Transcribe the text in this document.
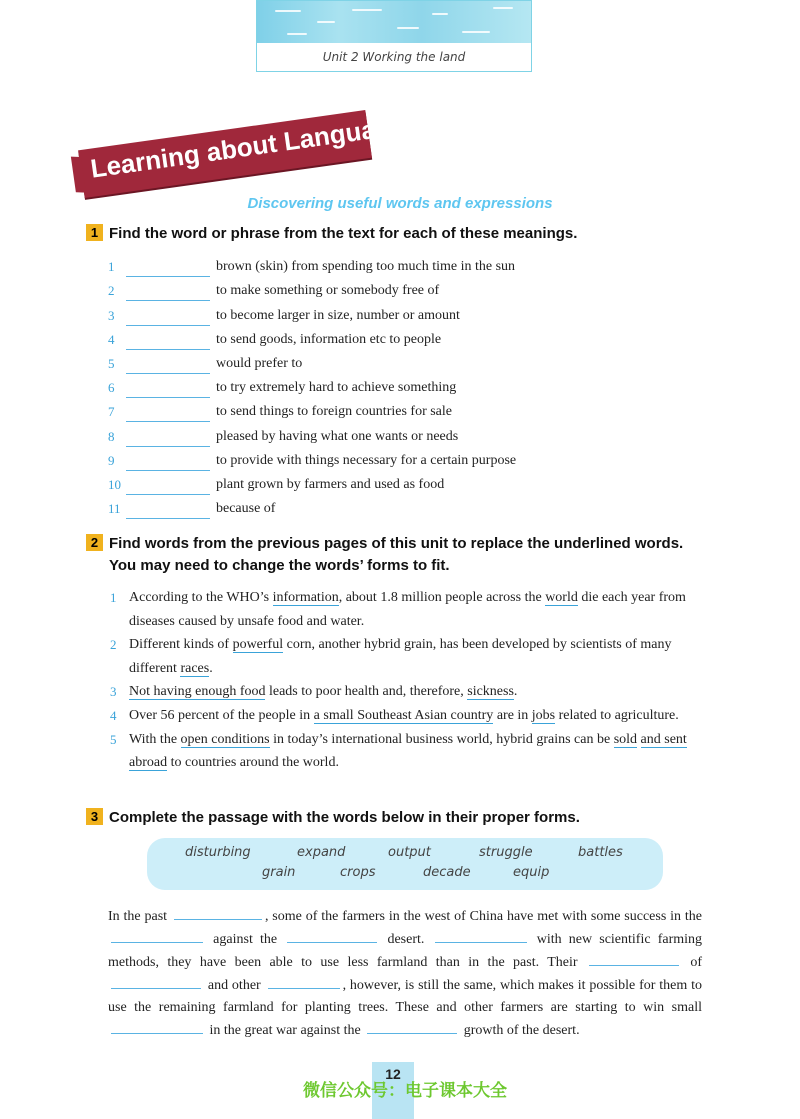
Unit 2 Working the land
Learning about Language
Discovering useful words and expressions
1 Find the word or phrase from the text for each of these meanings.
1	brown (skin) from spending too much time in the sun
2	to make something or somebody free of
3	to become larger in size, number or amount
4	to send goods, information etc to people
5	would prefer to
6	to try extremely hard to achieve something
7	to send things to foreign countries for sale
8	pleased by having what one wants or needs
9	to provide with things necessary for a certain purpose
10	plant grown by farmers and used as food
11	because of
2 Find words from the previous pages of this unit to replace the underlined words.
You may need to change the words’ forms to fit.
1 According to the WHO’s information, about 1.8 million people across the world die each year from diseases caused by unsafe food and water.
2 Different kinds of powerful corn, another hybrid grain, has been developed by scientists of many different races.
3 Not having enough food leads to poor health and, therefore, sickness.
4 Over 56 percent of the people in a small Southeast Asian country are in jobs related to agriculture.
5 With the open conditions in today’s international business world, hybrid grains can be sold and sent abroad to countries around the world.
3 Complete the passage with the words below in their proper forms.
disturbing	expand	output	struggle	battles
grain	crops	decade	equip
In the past	, some of the farmers in the west of China have met with some success in the  against the	desert.	with new scientific farming methods, they have been able to use less farmland than in the past. Their	of  and other	, however, is still the same, which makes it possible for them to use the remaining farmland for planting trees. These and other farmers are starting to win small  in the great war against the	growth of the desert.
12
微信公众号：电子课本大全
